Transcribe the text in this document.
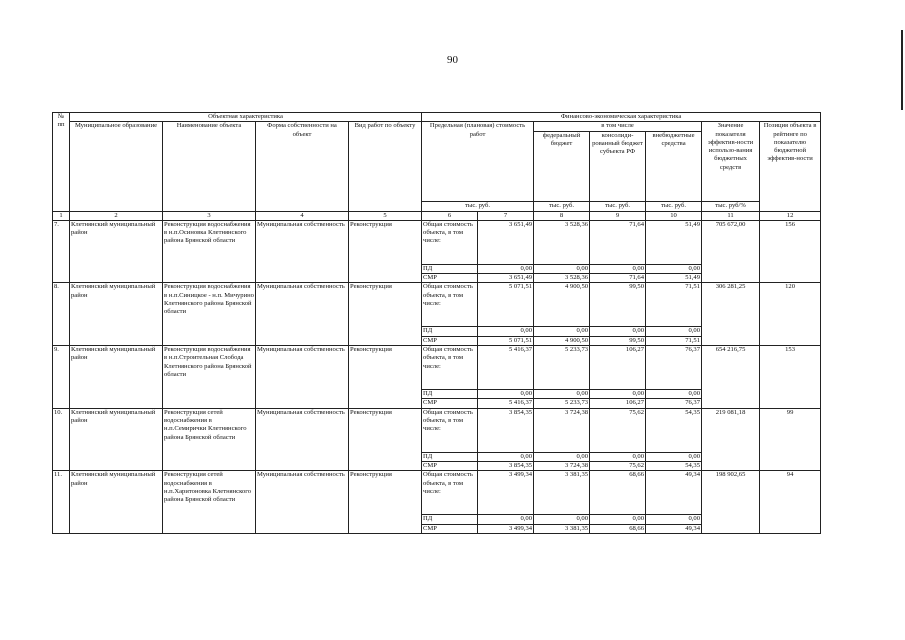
90
№ пп	Объектная характеристика				Финансово-экономическая характеристика						
	Муниципальное образование	Наименование объекта	Форма собственности на объект	Вид работ по объекту	Предельная (плановая) стоимость работ		в том числе			Значение показателя эффектив-ности использо-вания бюджетных средств	Позиция объекта в рейтинге по показателю бюджетной эффектив-ности
							федеральный бюджет	консолиди-рованный бюджет субъекта РФ	внебюджетные средства		
					тыс. руб.		тыс. руб.	тыс. руб.	тыс. руб.	тыс. руб/%	
1	2	3	4	5	6	7	8	9	10	11	12
7.	Клетнянский муниципальный район	Реконструкция водоснабжения в н.п.Осиновка Клетнянского района Брянской области	Муниципальная собственность	Реконструкция	Общая стоимость объекта, в том числе:	3 651,49	3 528,36	71,64	51,49	705 672,00	156
					ПД	0,00	0,00	0,00	0,00		
					СМР	3 651,49	3 528,36	71,64	51,49		
8.	Клетнянский муниципальный район	Реконструкция водоснабжения в н.п.Синицкое - н.п. Мичурино Клетнянского района Брянской области	Муниципальная собственность	Реконструкция	Общая стоимость объекта, в том числе:	5 071,51	4 900,50	99,50	71,51	306 281,25	120
					ПД	0,00	0,00	0,00	0,00		
					СМР	5 071,51	4 900,50	99,50	71,51		
9.	Клетнянский муниципальный район	Реконструкция водоснабжения в н.п.Строительная Слобода Клетнянского района Брянской области	Муниципальная собственность	Реконструкция	Общая стоимость объекта, в том числе:	5 416,37	5 233,73	106,27	76,37	654 216,75	153
					ПД	0,00	0,00	0,00	0,00		
					СМР	5 416,37	5 233,73	106,27	76,37		
10.	Клетнянский муниципальный район	Реконструкция сетей водоснабжения в н.п.Семирички Клетнянского района Брянской области	Муниципальная собственность	Реконструкция	Общая стоимость объекта, в том числе:	3 854,35	3 724,38	75,62	54,35	219 081,18	99
					ПД	0,00	0,00	0,00	0,00		
					СМР	3 854,35	3 724,38	75,62	54,35		
11.	Клетнянский муниципальный район	Реконструкция сетей водоснабжения в н.п.Харитоновка Клетнянского района Брянской области	Муниципальная собственность	Реконструкция	Общая стоимость объекта, в том числе:	3 499,34	3 381,35	68,66	49,34	198 902,65	94
					ПД	0,00	0,00	0,00	0,00		
					СМР	3 499,34	3 381,35	68,66	49,34		
